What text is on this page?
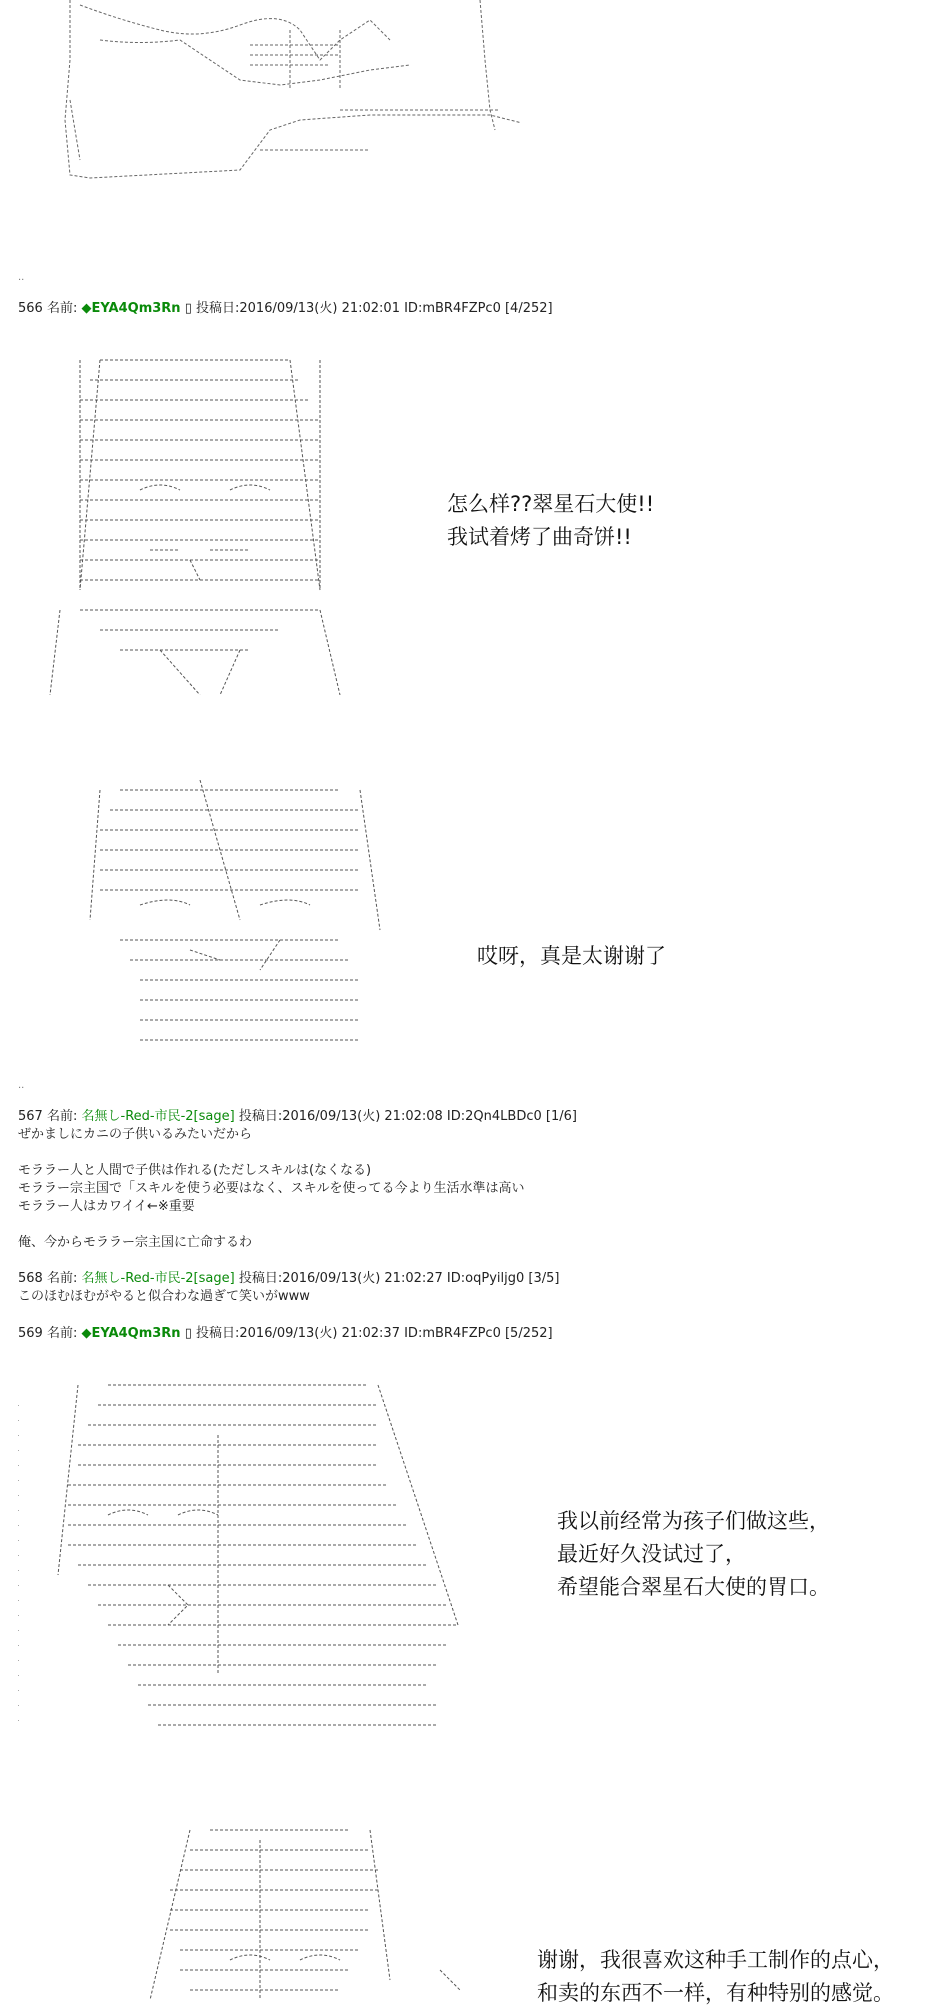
..
566 名前: ◆EYA4Qm3Rn ▯ 投稿日:2016/09/13(火) 21:02:01 ID:mBR4FZPc0 [4/252]
怎么样??翠星石大使!!
我试着烤了曲奇饼!!
哎呀，真是太谢谢了
..
567 名前: 名無し-Red-市民-2[sage] 投稿日:2016/09/13(火) 21:02:08 ID:2Qn4LBDc0 [1/6]
ぜかましにカニの子供いるみたいだから
モララー人と人間で子供は作れる(ただしスキルは(なくなる)
モララー宗主国で「スキルを使う必要はなく、スキルを使ってる今より生活水準は高い
モララー人はカワイイ←※重要
俺、今からモララー宗主国に亡命するわ
568 名前: 名無し-Red-市民-2[sage] 投稿日:2016/09/13(火) 21:02:27 ID:oqPyiljg0 [3/5]
このほむほむがやると似合わな過ぎて笑いがwww
569 名前: ◆EYA4Qm3Rn ▯ 投稿日:2016/09/13(火) 21:02:37 ID:mBR4FZPc0 [5/252]
我以前经常为孩子们做这些，
最近好久没试过了，
希望能合翠星石大使的胃口。
谢谢，我很喜欢这种手工制作的点心，
和卖的东西不一样，有种特别的感觉。
